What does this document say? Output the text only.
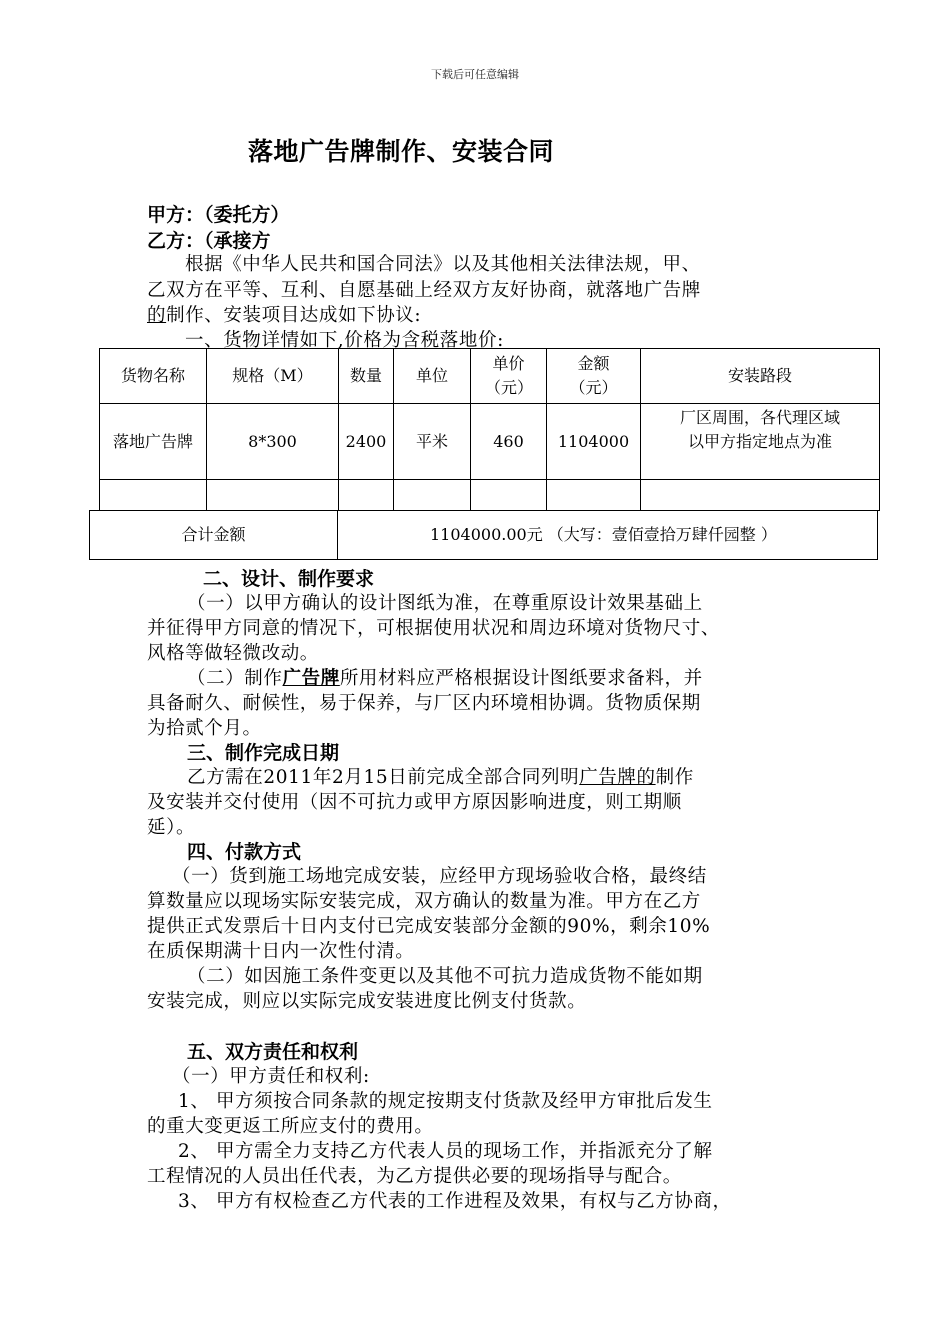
下载后可任意编辑
落地广告牌制作、安装合同
甲方：（委托方）
乙方：（承接方
根据《中华人民共和国合同法》以及其他相关法律法规，甲、
乙双方在平等、互利、自愿基础上经双方友好协商，就落地广告牌
的制作、安装项目达成如下协议:
一、货物详情如下,价格为含税落地价:
货物名称	规格（M）	数量	单位	单价（元）	金额（元）	安装路段
落地广告牌	8*300	2400	平米	460	1104000	厂区周围，各代理区域
以甲方指定地点为准

合计金额	1104000.00元 （大写：壹佰壹拾万肆仟园整 ）
二、设计、制作要求
（一）以甲方确认的设计图纸为准，在尊重原设计效果基础上
并征得甲方同意的情况下，可根据使用状况和周边环境对货物尺寸、
风格等做轻微改动。
（二）制作广告牌所用材料应严格根据设计图纸要求备料，并
具备耐久、耐候性，易于保养，与厂区内环境相协调。货物质保期
为拾贰个月。
三、制作完成日期
乙方需在2011年2月15日前完成全部合同列明广告牌的制作
及安装并交付使用（因不可抗力或甲方原因影响进度，则工期顺
延）。
四、付款方式
（一）货到施工场地完成安装，应经甲方现场验收合格，最终结
算数量应以现场实际安装完成，双方确认的数量为准。甲方在乙方
提供正式发票后十日内支付已完成安装部分金额的90%，剩余10%
在质保期满十日内一次性付清。
（二）如因施工条件变更以及其他不可抗力造成货物不能如期
安装完成，则应以实际完成安装进度比例支付货款。
五、双方责任和权利
（一）甲方责任和权利:
1、 甲方须按合同条款的规定按期支付货款及经甲方审批后发生
的重大变更返工所应支付的费用。
2、 甲方需全力支持乙方代表人员的现场工作，并指派充分了解
工程情况的人员出任代表，为乙方提供必要的现场指导与配合。
3、 甲方有权检查乙方代表的工作进程及效果，有权与乙方协商，
